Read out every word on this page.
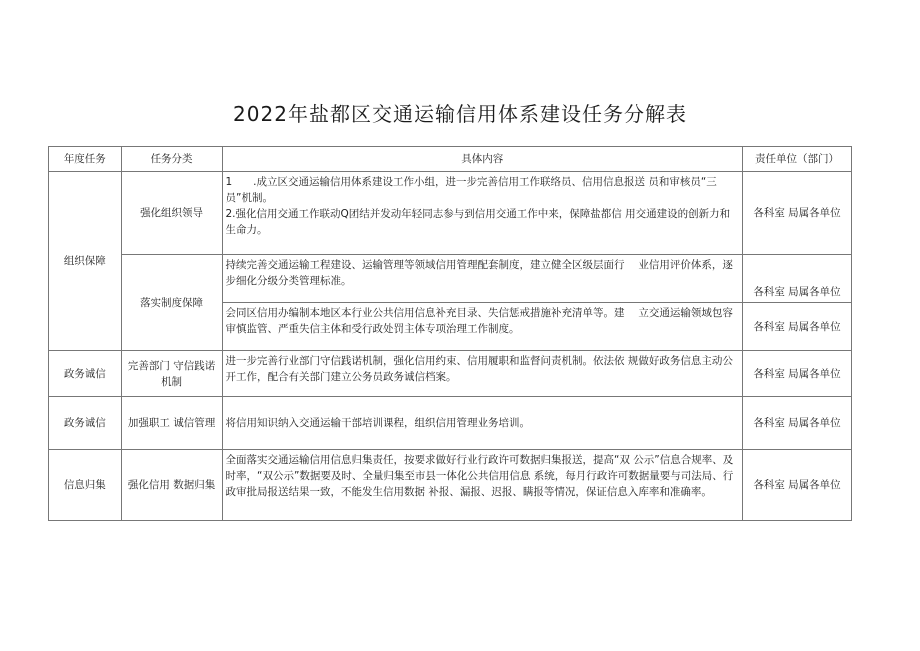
2022年盐都区交通运输信用体系建设任务分解表
年度任务	任务分类	具体内容	责任单位（部门）
组织保障	强化组织领导	1　　.成立区交通运输信用体系建设工作小组，进一步完善信用工作联络员、信用信息报送 员和审核员“三员”机制。
2.强化信用交通工作联动Q团结并发动年轻同志参与到信用交通工作中来，保障盐都信 用交通建设的创新力和生命力。	各科室 局属各单位
	落实制度保障	持续完善交通运输工程建设、运输管理等领域信用管理配套制度，建立健全区级层面行　 业信用评价体系，逐步细化分级分类管理标准。	各科室 局属各单位

		会同区信用办编制本地区本行业公共信用信息补充目录、失信惩戒措施补充清单等。建　 立交通运输领域包容审慎监管、严重失信主体和受行政处罚主体专项治理工作制度。	各科室 局属各单位
政务诚信	完善部门 守信践诺机制	进一步完善行业部门守信践诺机制，强化信用约束、信用履职和监督问责机制。依法依 规做好政务信息主动公开工作，配合有关部门建立公务员政务诚信档案。	各科室 局属各单位
政务诚信	加强职工 诚信管理	将信用知识纳入交通运输干部培训课程，组织信用管理业务培训。	各科室 局属各单位
信息归集	强化信用 数据归集	全面落实交通运输信用信息归集责任，按要求做好行业行政许可数据归集报送，提高“双 公示”信息合规率、及时率，“双公示”数据要及时、全量归集至市县一体化公共信用信息 系统，每月行政许可数据量要与司法局、行政审批局报送结果一致，不能发生信用数据 补报、漏报、迟报、瞒报等情况，保证信息入库率和准确率。	各科室 局属各单位
